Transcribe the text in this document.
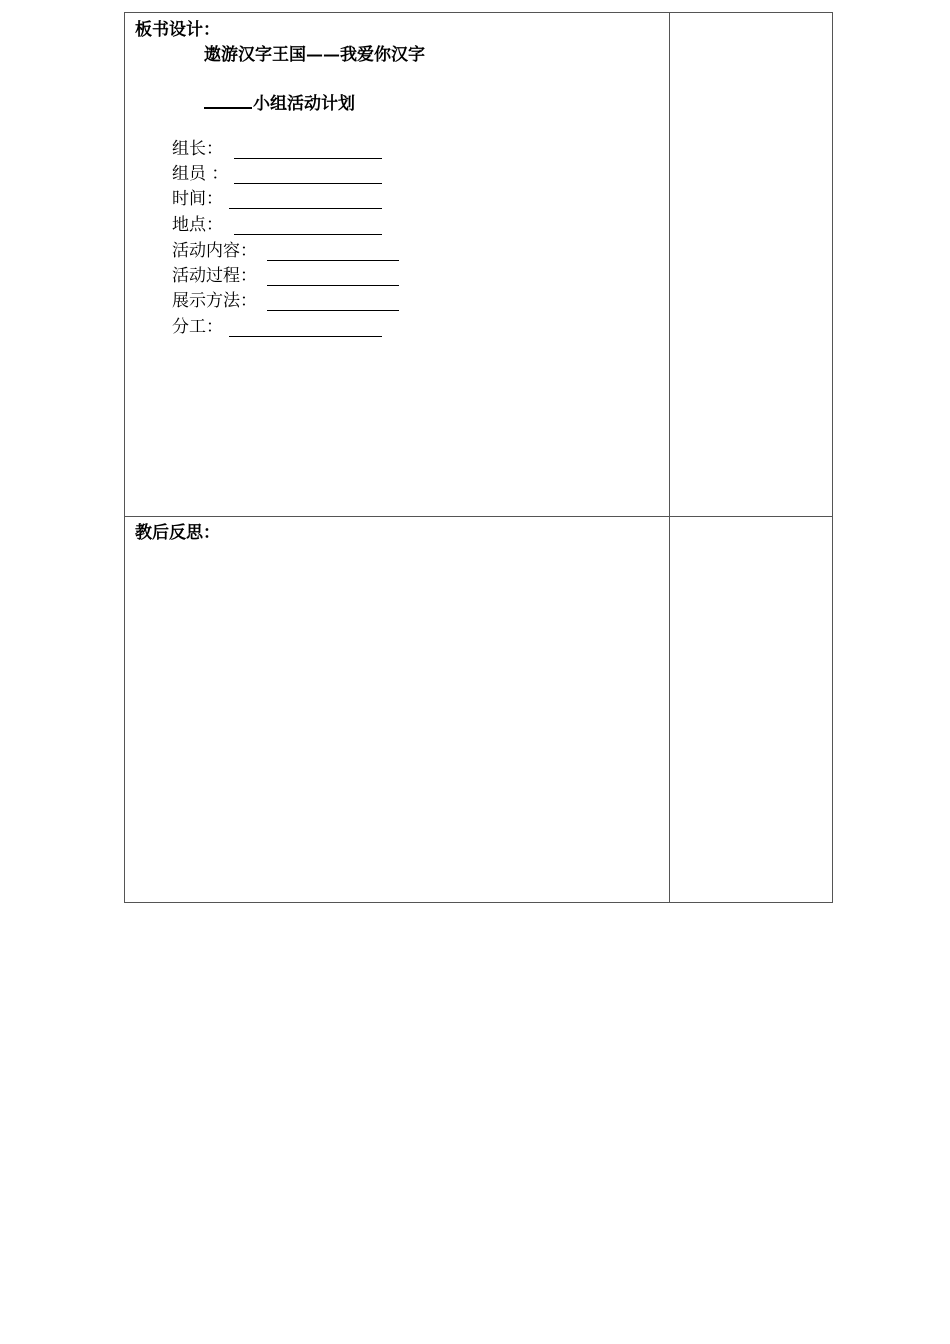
板书设计：
遨游汉字王国——我爱你汉字
小组活动计划
组长：
组员 ：
时间：
地点：
活动内容：
活动过程：
展示方法：
分工：
教后反思：
